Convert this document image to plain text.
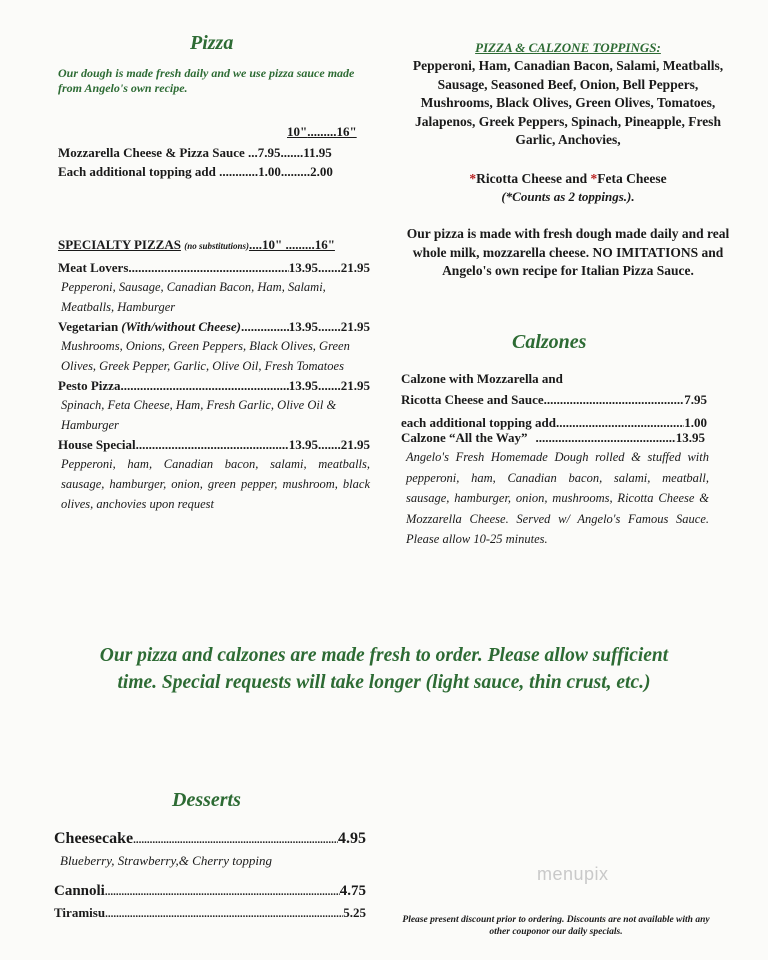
Pizza
Our dough is made fresh daily and we use pizza sauce made from Angelo's own recipe.
10".........16"
Mozzarella Cheese & Pizza Sauce ... 7.95 ....... 11.95
Each additional topping add ............ 1.00 ......... 2.00
SPECIALTY PIZZAS (no substitutions)....10" .........16"
Meat Lovers .....	13.95 ....... 21.95
Pepperoni, Sausage, Canadian Bacon, Ham, Salami, Meatballs, Hamburger
Vegetarian (With/without Cheese) .....	13.95 ....... 21.95
Mushrooms, Onions, Green Peppers, Black Olives, Green Olives, Greek Pepper, Garlic, Olive Oil, Fresh Tomatoes
Pesto Pizza .....	13.95 ....... 21.95
Spinach, Feta Cheese, Ham, Fresh Garlic, Olive Oil & Hamburger
House Special .....	13.95 ....... 21.95
Pepperoni, ham, Canadian bacon, salami, meatballs, sausage, hamburger, onion, green pepper, mushroom, black olives, anchovies upon request
PIZZA & CALZONE TOPPINGS:
Pepperoni, Ham, Canadian Bacon, Salami, Meatballs, Sausage, Seasoned Beef, Onion, Bell Peppers, Mushrooms, Black Olives, Green Olives, Tomatoes, Jalapenos, Greek Peppers, Spinach, Pineapple, Fresh Garlic, Anchovies,
*Ricotta Cheese and *Feta Cheese
(*Counts as 2 toppings.).
Our pizza is made with fresh dough made daily and real whole milk, mozzarella cheese. NO IMITATIONS and Angelo's own recipe for Italian Pizza Sauce.
Calzones
Calzone with Mozzarella and
Ricotta Cheese and Sauce .....	7.95
each additional topping add .....	1.00
Calzone “All the Way” .....	13.95
Angelo's Fresh Homemade Dough rolled & stuffed with pepperoni, ham, Canadian bacon, salami, meatball, sausage, hamburger, onion, mushrooms, Ricotta Cheese & Mozzarella Cheese. Served w/ Angelo's Famous Sauce. Please allow 10-25 minutes.
Our pizza and calzones are made fresh to order. Please allow sufficient time. Special requests will take longer (light sauce, thin crust, etc.)
Desserts
Cheesecake .....	4.95
Blueberry, Strawberry,& Cherry topping
Cannoli .....	4.75
Tiramisu .....	5.25
menupix
Please present discount prior to ordering. Discounts are not available with any other couponor our daily specials.
